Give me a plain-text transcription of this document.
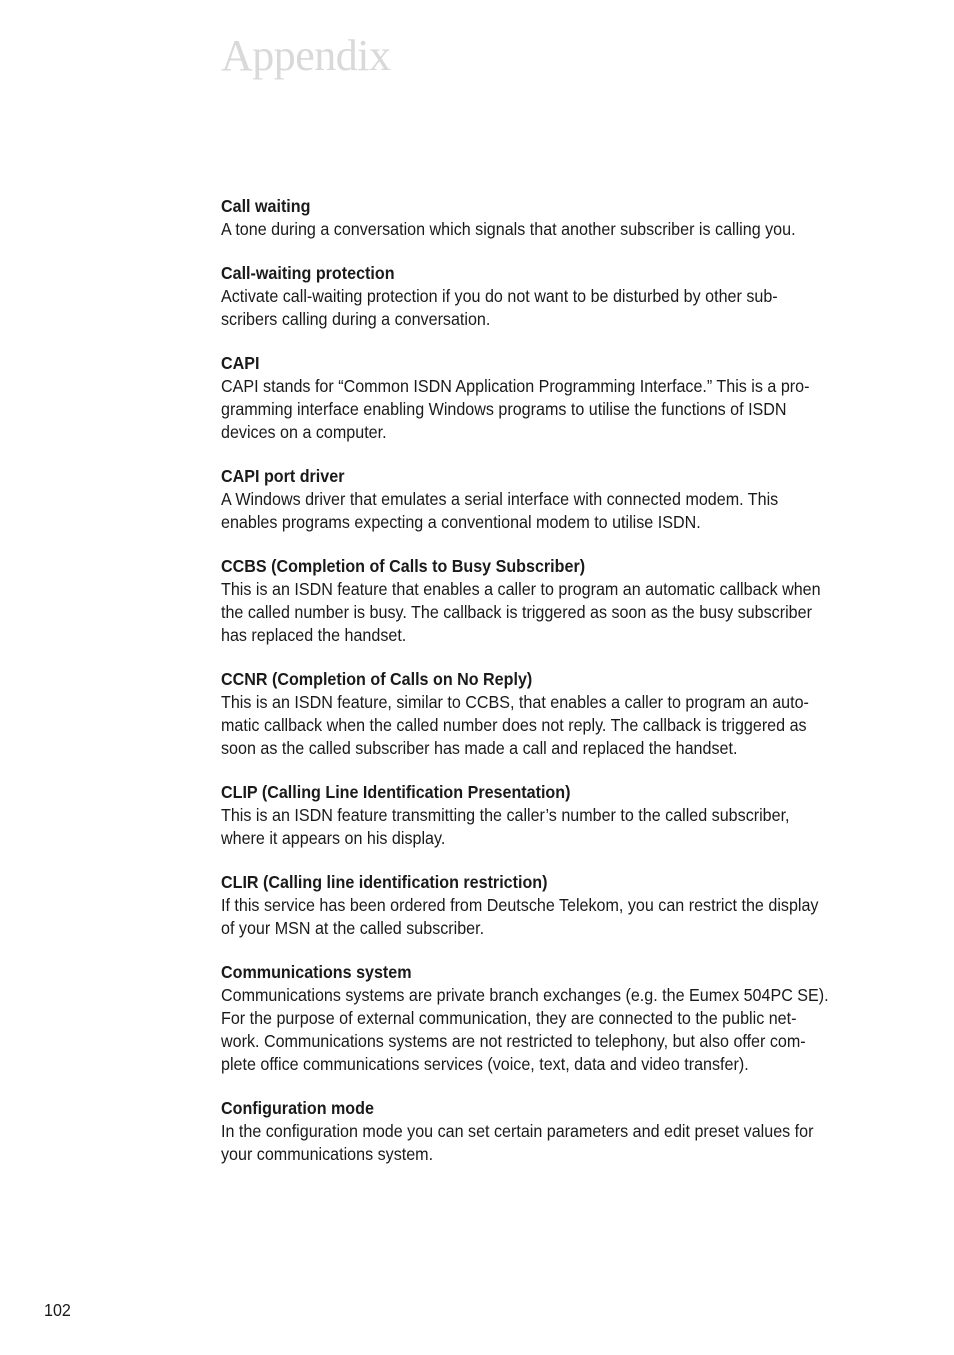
Appendix

Call waiting

A tone during a conversation which signals that another subscriber is calling you.

Call-waiting protection

Activate call-waiting protection if you do not want to be disturbed by other sub-
scribers calling during a conversation.

CAPI

CAPI stands for “Common ISDN Application Programming Interface.” This is a pro-
gramming interface enabling Windows programs to utilise the functions of ISDN
devices on a computer.

CAPI port driver

A Windows driver that emulates a serial interface with connected modem. This
enables programs expecting a conventional modem to utilise ISDN.

CCBS (Completion of Calls to Busy Subscriber)

This is an ISDN feature that enables a caller to program an automatic callback when
the called number is busy. The callback is triggered as soon as the busy subscriber
has replaced the handset.

CCNR (Completion of Calls on No Reply)

This is an ISDN feature, similar to CCBS, that enables a caller to program an auto-
matic callback when the called number does not reply. The callback is triggered as
soon as the called subscriber has made a call and replaced the handset.

CLIP (Calling Line Identification Presentation)

This is an ISDN feature transmitting the caller’s number to the called subscriber,
where it appears on his display.

CLIR (Calling line identification restriction)

If this service has been ordered from Deutsche Telekom, you can restrict the display
of your MSN at the called subscriber.

Communications system

Communications systems are private branch exchanges (e.g. the Eumex 504PC SE).
For the purpose of external communication, they are connected to the public net-
work. Communications systems are not restricted to telephony, but also offer com-
plete office communications services (voice, text, data and video transfer).

Configuration mode

In the configuration mode you can set certain parameters and edit preset values for
your communications system.
102
